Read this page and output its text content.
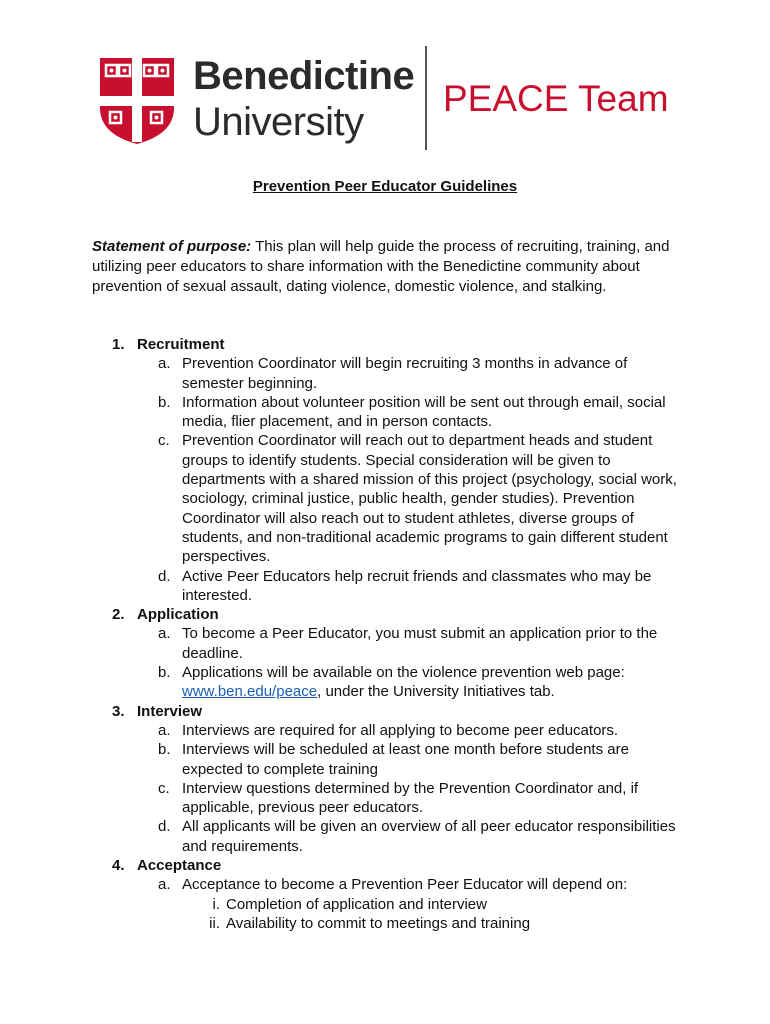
Benedictine
University
PEACE Team
Prevention Peer Educator Guidelines
Statement of purpose: This plan will help guide the process of recruiting, training, and utilizing peer educators to share information with the Benedictine community about prevention of sexual assault, dating violence, domestic violence, and stalking.
1. Recruitment
a. Prevention Coordinator will begin recruiting 3 months in advance of semester beginning.
b. Information about volunteer position will be sent out through email, social media, flier placement, and in person contacts.
c. Prevention Coordinator will reach out to department heads and student groups to identify students. Special consideration will be given to departments with a shared mission of this project (psychology, social work, sociology, criminal justice, public health, gender studies). Prevention Coordinator will also reach out to student athletes, diverse groups of students, and non-traditional academic programs to gain different student perspectives.
d. Active Peer Educators help recruit friends and classmates who may be interested.
2. Application
a. To become a Peer Educator, you must submit an application prior to the deadline.
b. Applications will be available on the violence prevention web page: www.ben.edu/peace, under the University Initiatives tab.
3. Interview
a. Interviews are required for all applying to become peer educators.
b. Interviews will be scheduled at least one month before students are expected to complete training
c. Interview questions determined by the Prevention Coordinator and, if applicable, previous peer educators.
d. All applicants will be given an overview of all peer educator responsibilities and requirements.
4. Acceptance
a. Acceptance to become a Prevention Peer Educator will depend on:
i. Completion of application and interview
ii. Availability to commit to meetings and training
